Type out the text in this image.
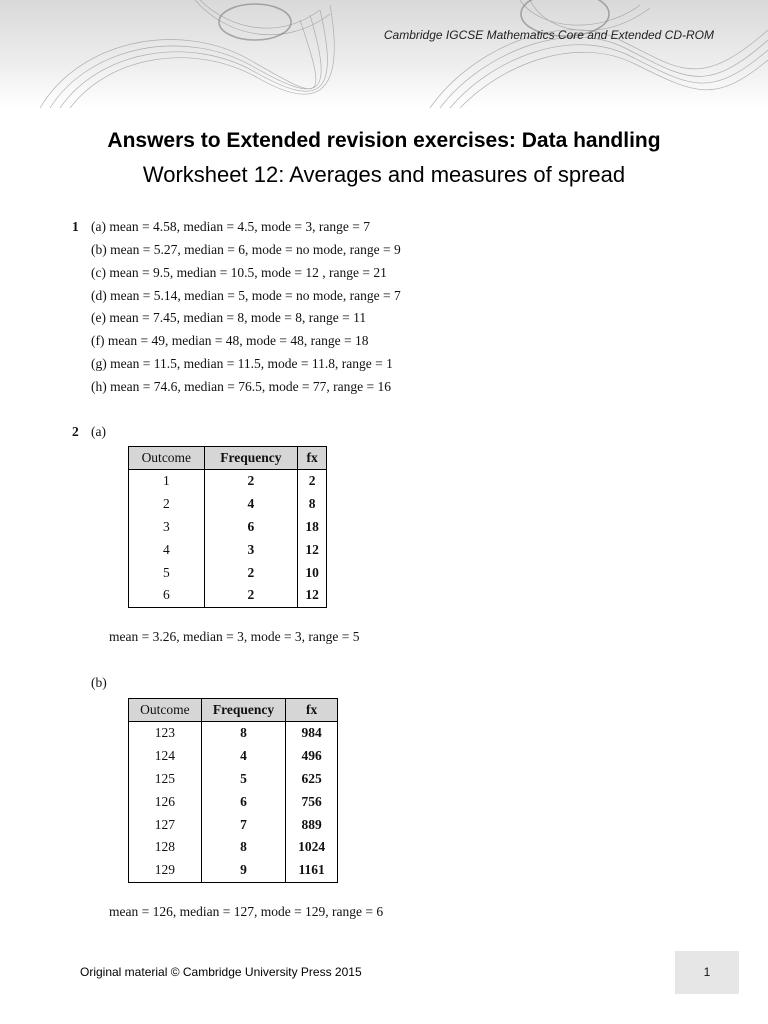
Cambridge IGCSE Mathematics Core and Extended CD-ROM
Answers to Extended revision exercises: Data handling
Worksheet 12: Averages and measures of spread
1 (a) mean = 4.58, median = 4.5, mode = 3, range = 7
(b) mean = 5.27, median = 6, mode = no mode, range = 9
(c) mean = 9.5, median = 10.5, mode = 12 , range = 21
(d) mean = 5.14, median = 5, mode = no mode, range = 7
(e) mean = 7.45, median = 8, mode = 8, range = 11
(f) mean = 49, median = 48, mode = 48, range = 18
(g) mean = 11.5, median = 11.5, mode = 11.8, range = 1
(h) mean = 74.6, median = 76.5, mode = 77, range = 16
2 (a)
Outcome	Frequency	fx
1	2	2
2	4	8
3	6	18
4	3	12
5	2	10
6	2	12
mean = 3.26, median = 3, mode = 3, range = 5
(b)
Outcome	Frequency	fx
123	8	984
124	4	496
125	5	625
126	6	756
127	7	889
128	8	1024
129	9	1161
mean = 126, median = 127, mode = 129, range = 6
Original material © Cambridge University Press 2015	1
